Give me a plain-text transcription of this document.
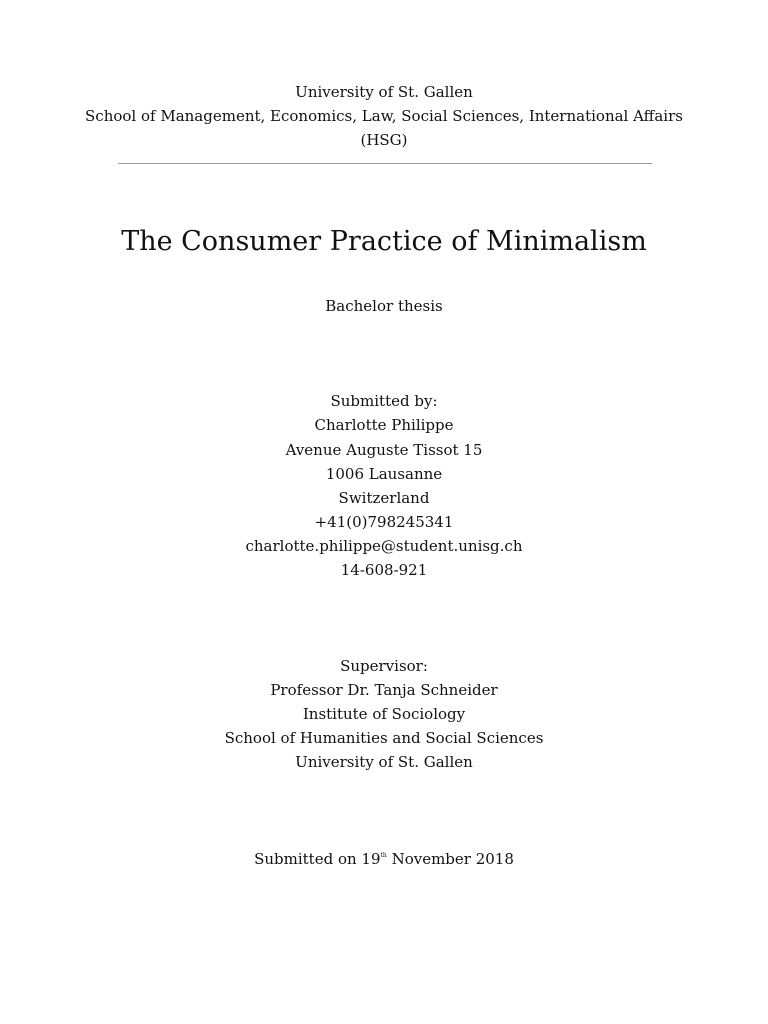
University of St. Gallen
School of Management, Economics, Law, Social Sciences, International Affairs
(HSG)
The Consumer Practice of Minimalism
Bachelor thesis
Submitted by:
Charlotte Philippe
Avenue Auguste Tissot 15
1006 Lausanne
Switzerland
+41(0)798245341
charlotte.philippe@student.unisg.ch
14-608-921
Supervisor:
Professor Dr. Tanja Schneider
Institute of Sociology
School of Humanities and Social Sciences
University of St. Gallen
Submitted on 19th November 2018
